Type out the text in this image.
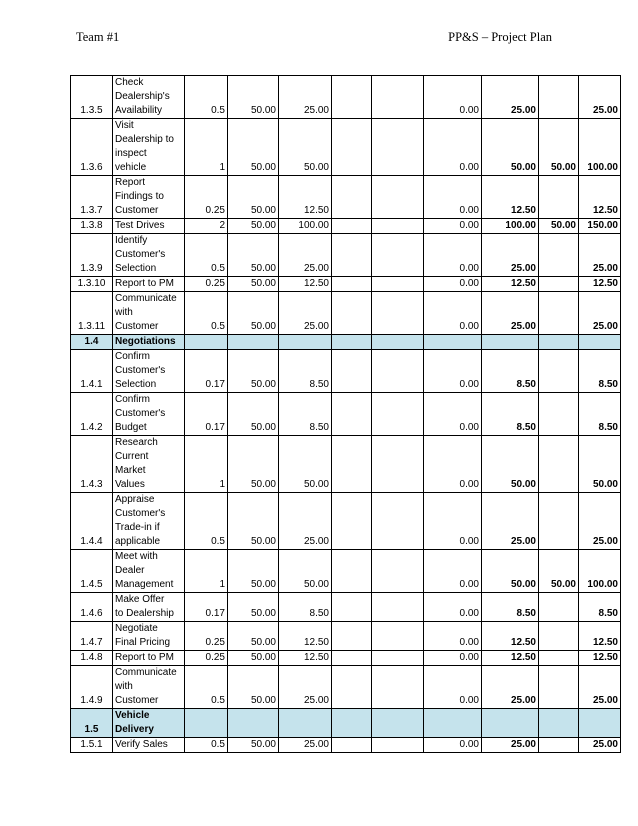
Team #1	PP&S – Project Plan
1.3.5	Check
Dealership's
Availability	0.5	50.00	25.00			0.00	25.00		25.00
1.3.6	Visit
Dealership to
inspect
vehicle	1	50.00	50.00			0.00	50.00	50.00	100.00
1.3.7	Report
Findings to
Customer	0.25	50.00	12.50			0.00	12.50		12.50
1.3.8	Test Drives	2	50.00	100.00			0.00	100.00	50.00	150.00
1.3.9	Identify
Customer's
Selection	0.5	50.00	25.00			0.00	25.00		25.00
1.3.10	Report to PM	0.25	50.00	12.50			0.00	12.50		12.50
1.3.11	Communicate
with
Customer	0.5	50.00	25.00			0.00	25.00		25.00
1.4	Negotiations									

1.4.1	Confirm
Customer's
Selection	0.17	50.00	8.50			0.00	8.50		8.50
1.4.2	Confirm
Customer's
Budget	0.17	50.00	8.50			0.00	8.50		8.50
1.4.3	Research
Current
Market
Values	1	50.00	50.00			0.00	50.00		50.00
1.4.4	Appraise
Customer's
Trade-in if
applicable	0.5	50.00	25.00			0.00	25.00		25.00
1.4.5	Meet with
Dealer
Management	1	50.00	50.00			0.00	50.00	50.00	100.00
1.4.6	Make Offer
to Dealership	0.17	50.00	8.50			0.00	8.50		8.50
1.4.7	Negotiate
Final Pricing	0.25	50.00	12.50			0.00	12.50		12.50
1.4.8	Report to PM	0.25	50.00	12.50			0.00	12.50		12.50
1.4.9	Communicate
with
Customer	0.5	50.00	25.00			0.00	25.00		25.00
1.5	Vehicle
Delivery									

1.5.1	Verify Sales	0.5	50.00	25.00			0.00	25.00		25.00
